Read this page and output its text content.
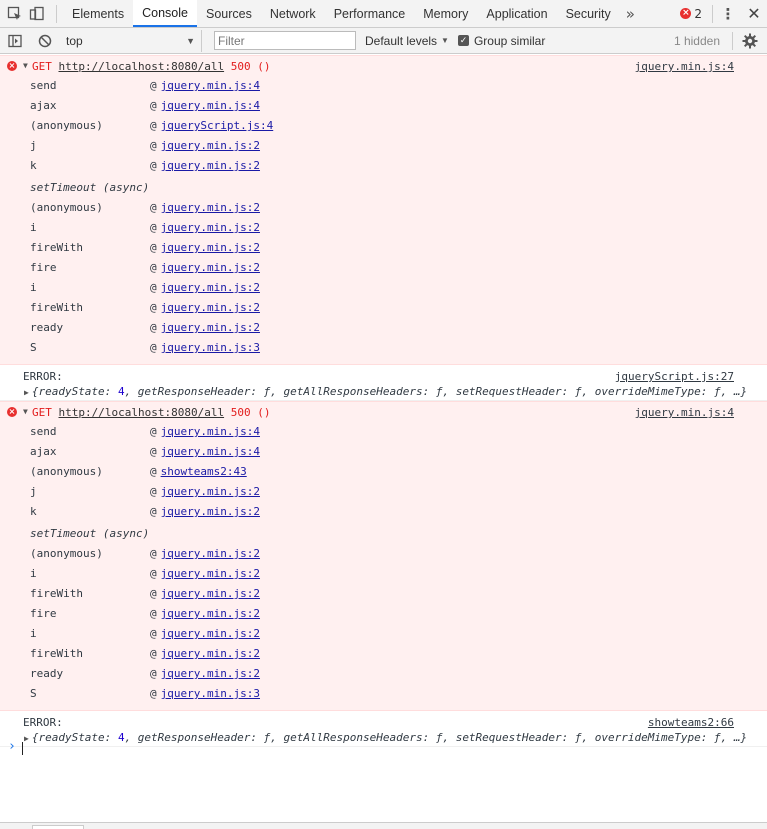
Elements	Console	Sources	Network	Performance	Memory	Application	Security	»	× 2	⋮ ✕
top	▼
Filter	Default levels ▼ ✓ Group similar	1 hidden
× ▼ GET http://localhost:8080/all 500 ()	jquery.min.js:4
send	@ jquery.min.js:4
ajax	@ jquery.min.js:4
(anonymous)	@ jqueryScript.js:4
j	@ jquery.min.js:2
k	@ jquery.min.js:2
setTimeout (async)
(anonymous)	@ jquery.min.js:2
i	@ jquery.min.js:2
fireWith	@ jquery.min.js:2
fire	@ jquery.min.js:2
i	@ jquery.min.js:2
fireWith	@ jquery.min.js:2
ready	@ jquery.min.js:2
S	@ jquery.min.js:3
ERROR:	jqueryScript.js:27
▶ {readyState: 4, getResponseHeader: ƒ, getAllResponseHeaders: ƒ, setRequestHeader: ƒ, overrideMimeType: ƒ, …}
× ▼ GET http://localhost:8080/all 500 ()	jquery.min.js:4
send	@ jquery.min.js:4
ajax	@ jquery.min.js:4
(anonymous)	@ showteams2:43
j	@ jquery.min.js:2
k	@ jquery.min.js:2
setTimeout (async)
(anonymous)	@ jquery.min.js:2
i	@ jquery.min.js:2
fireWith	@ jquery.min.js:2
fire	@ jquery.min.js:2
i	@ jquery.min.js:2
fireWith	@ jquery.min.js:2
ready	@ jquery.min.js:2
S	@ jquery.min.js:3
ERROR:	showteams2:66
▶ {readyState: 4, getResponseHeader: ƒ, getAllResponseHeaders: ƒ, setRequestHeader: ƒ, overrideMimeType: ƒ, …}
›
